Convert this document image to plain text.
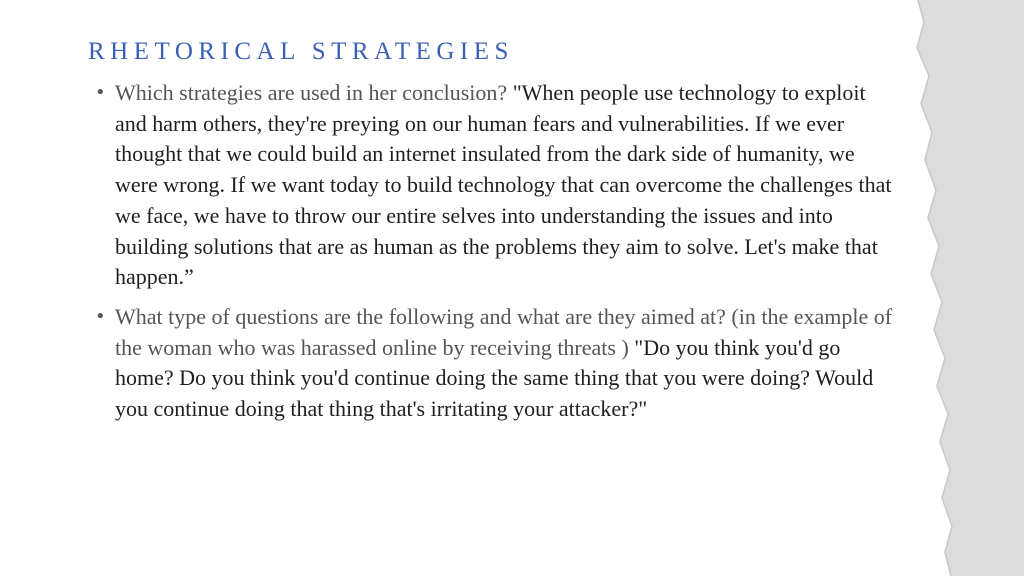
RHETORICAL STRATEGIES
• Which strategies are used in her conclusion? "When people use technology to exploit and harm others, they're preying on our human fears and vulnerabilities. If we ever thought that we could build an internet insulated from the dark side of humanity, we were wrong. If we want today to build technology that can overcome the challenges that we face, we have to throw our entire selves into understanding the issues and into building solutions that are as human as the problems they aim to solve. Let's make that happen.”
• What type of questions are the following and what are they aimed at? (in the example of the woman who was harassed online by receiving threats ) "Do you think you'd go home? Do you think you'd continue doing the same thing that you were doing? Would you continue doing that thing that's irritating your attacker?"
